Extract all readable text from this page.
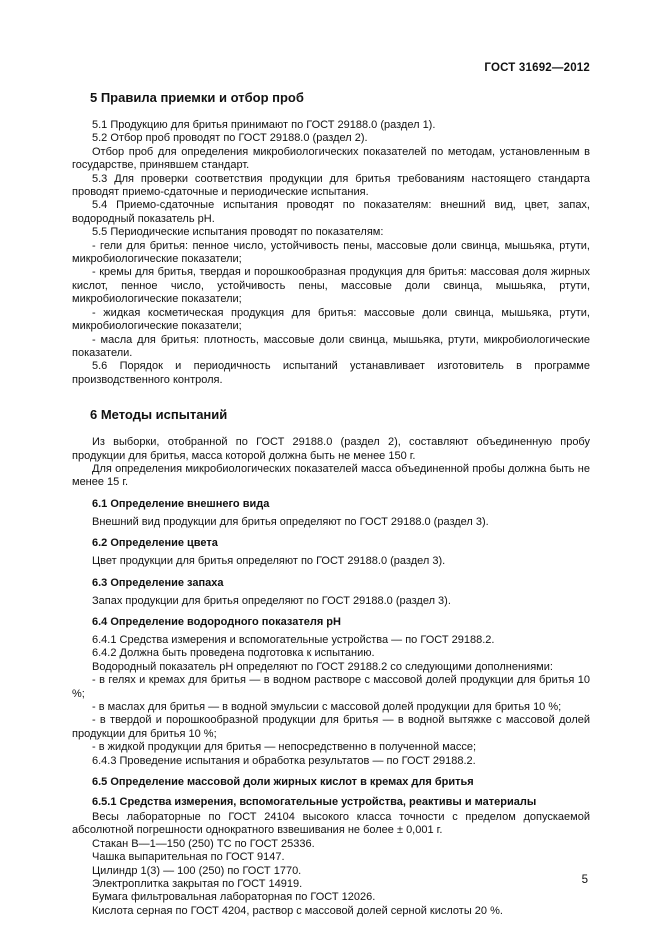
ГОСТ 31692—2012
5 Правила приемки и отбор проб

5.1 Продукцию для бритья принимают по ГОСТ 29188.0 (раздел 1).

5.2 Отбор проб проводят по ГОСТ 29188.0 (раздел 2).

Отбор проб для определения микробиологических показателей по методам, установленным в государстве, принявшем стандарт.

5.3 Для проверки соответствия продукции для бритья требованиям настоящего стандарта проводят приемо-сдаточные и периодические испытания.

5.4 Приемо-сдаточные испытания проводят по показателям: внешний вид, цвет, запах, водородный показатель pH.

5.5 Периодические испытания проводят по показателям:

- гели для бритья: пенное число, устойчивость пены, массовые доли свинца, мышьяка, ртути, микробиологические показатели;

- кремы для бритья, твердая и порошкообразная продукция для бритья: массовая доля жирных кислот, пенное число, устойчивость пены, массовые доли свинца, мышьяка, ртути, микробиологические показатели;

- жидкая косметическая продукция для бритья: массовые доли свинца, мышьяка, ртути, микробиологические показатели;

- масла для бритья: плотность, массовые доли свинца, мышьяка, ртути, микробиологические показатели.

5.6 Порядок и периодичность испытаний устанавливает изготовитель в программе производственного контроля.

6 Методы испытаний

Из выборки, отобранной по ГОСТ 29188.0 (раздел 2), составляют объединенную пробу продукции для бритья, масса которой должна быть не менее 150 г.

Для определения микробиологических показателей масса объединенной пробы должна быть не менее 15 г.

6.1 Определение внешнего вида

Внешний вид продукции для бритья определяют по ГОСТ 29188.0 (раздел 3).

6.2 Определение цвета

Цвет продукции для бритья определяют по ГОСТ 29188.0 (раздел 3).

6.3 Определение запаха

Запах продукции для бритья определяют по ГОСТ 29188.0 (раздел 3).

6.4 Определение водородного показателя pH

6.4.1 Средства измерения и вспомогательные устройства — по ГОСТ 29188.2.

6.4.2 Должна быть проведена подготовка к испытанию.

Водородный показатель pH определяют по ГОСТ 29188.2 со следующими дополнениями:

- в гелях и кремах для бритья — в водном растворе с массовой долей продукции для бритья 10 %;

- в маслах для бритья — в водной эмульсии с массовой долей продукции для бритья 10 %;

- в твердой и порошкообразной продукции для бритья — в водной вытяжке с массовой долей продукции для бритья 10 %;

- в жидкой продукции для бритья — непосредственно в полученной массе;

6.4.3 Проведение испытания и обработка результатов — по ГОСТ 29188.2.

6.5 Определение массовой доли жирных кислот в кремах для бритья
6.5.1 Средства измерения, вспомогательные устройства, реактивы и материалы

Весы лабораторные по ГОСТ 24104 высокого класса точности с пределом допускаемой абсолютной погрешности однократного взвешивания не более ± 0,001 г.

Стакан В—1—150 (250) ТС по ГОСТ 25336.

Чашка выпарительная по ГОСТ 9147.

Цилиндр 1(3) — 100 (250) по ГОСТ 1770.

Электроплитка закрытая по ГОСТ 14919.

Бумага фильтровальная лабораторная по ГОСТ 12026.

Кислота серная по ГОСТ 4204, раствор с массовой долей серной кислоты 20 %.

5
